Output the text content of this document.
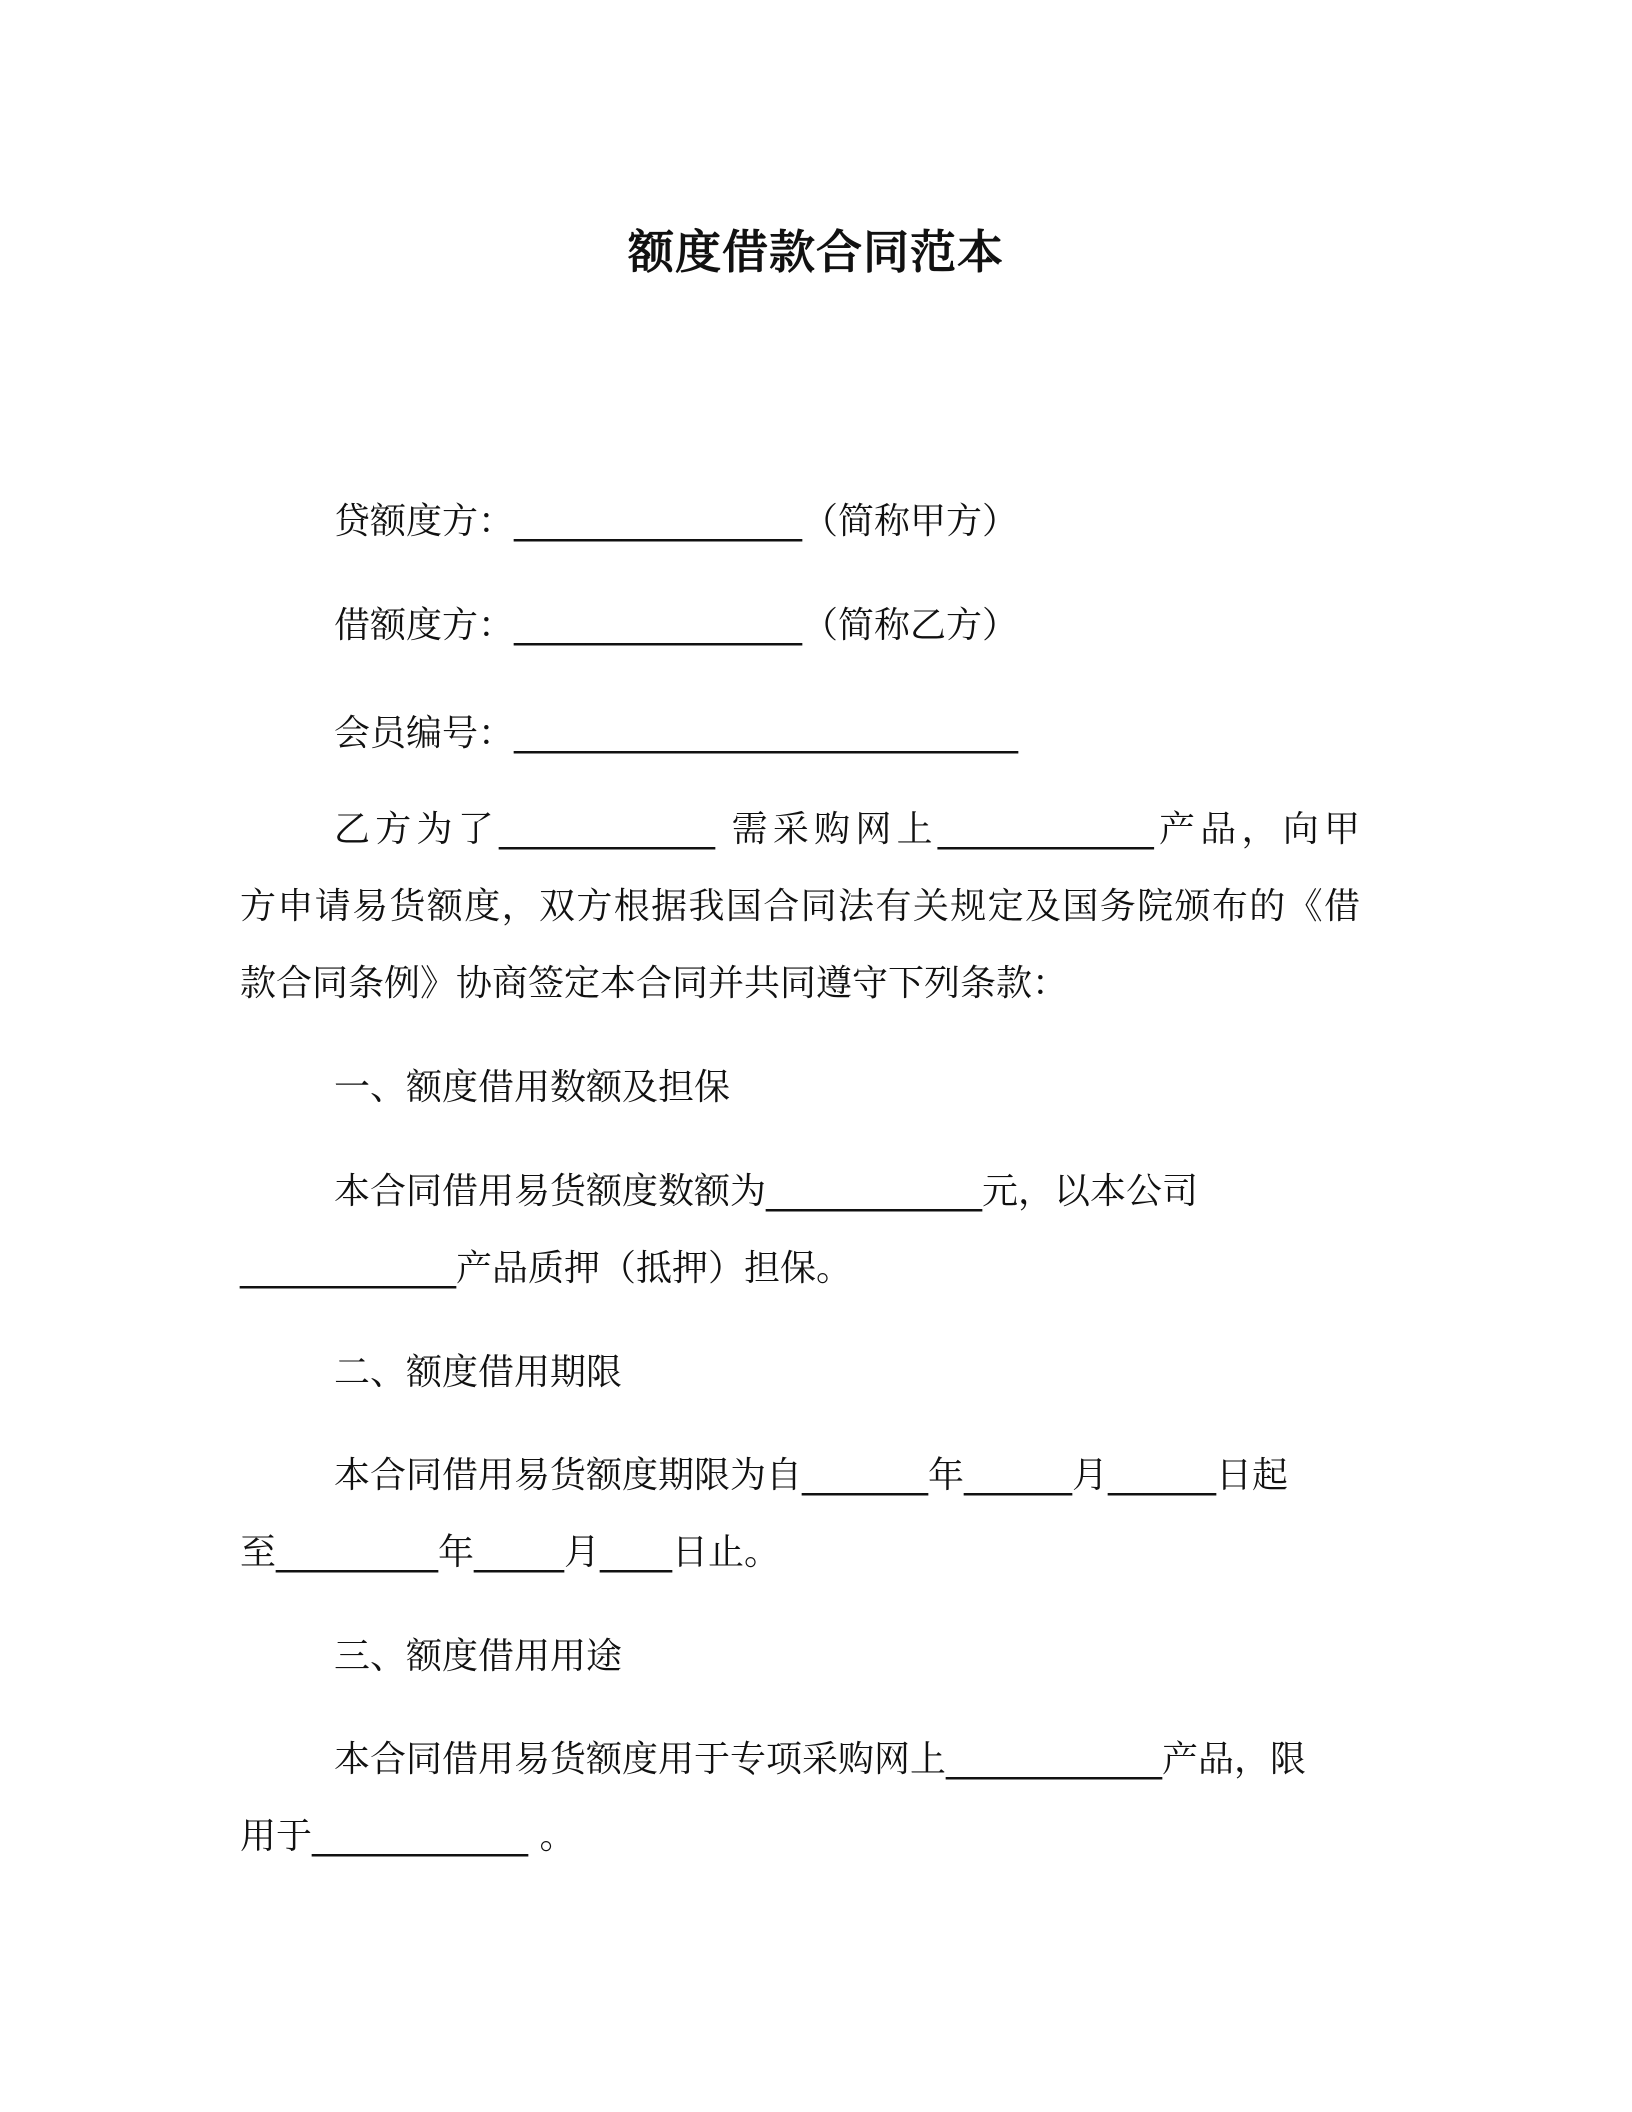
额度借款合同范本
贷额度方：________________（简称甲方）
借额度方：________________（简称乙方）
会员编号：____________________________
乙方为了____________ 需采购网上____________产品，向甲
方申请易货额度，双方根据我国合同法有关规定及国务院颁布的《借
款合同条例》协商签定本合同并共同遵守下列条款：
一、额度借用数额及担保
本合同借用易货额度数额为____________元，以本公司
____________产品质押（抵押）担保。
二、额度借用期限
本合同借用易货额度期限为自_______年______月______日起
至_________年_____月____日止。
三、额度借用用途
本合同借用易货额度用于专项采购网上____________产品，限
用于____________ 。
